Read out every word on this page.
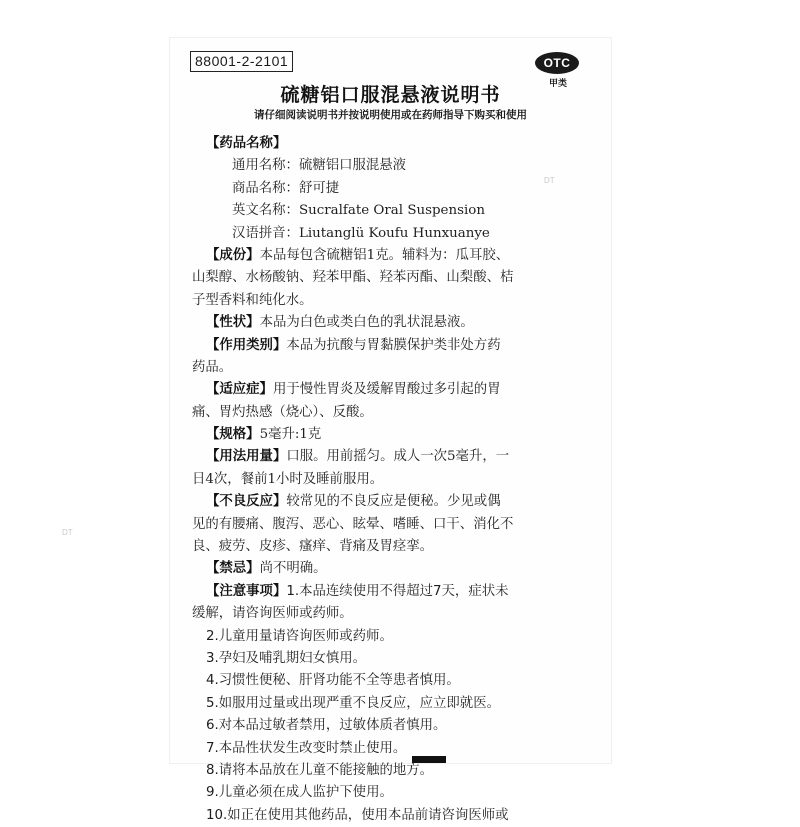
DT
88001-2-2101	OTC
甲类
硫糖铝口服混悬液说明书
请仔细阅读说明书并按说明使用或在药师指导下购买和使用
DT
【药品名称】
通用名称：硫糖铝口服混悬液
商品名称：舒可捷
英文名称：Sucralfate Oral Suspension
汉语拼音：Liutanglü Koufu Hunxuanye
【成份】本品每包含硫糖铝1克。辅料为：瓜耳胶、
山梨醇、水杨酸钠、羟苯甲酯、羟苯丙酯、山梨酸、桔
子型香料和纯化水。
【性状】本品为白色或类白色的乳状混悬液。
【作用类别】本品为抗酸与胃黏膜保护类非处方药
药品。
【适应症】用于慢性胃炎及缓解胃酸过多引起的胃
痛、胃灼热感（烧心）、反酸。
【规格】5毫升:1克
【用法用量】口服。用前摇匀。成人一次5毫升，一
日4次，餐前1小时及睡前服用。
【不良反应】较常见的不良反应是便秘。少见或偶
见的有腰痛、腹泻、恶心、眩晕、嗜睡、口干、消化不
良、疲劳、皮疹、瘙痒、背痛及胃痉挛。
【禁忌】尚不明确。
【注意事项】1.本品连续使用不得超过7天，症状未
缓解，请咨询医师或药师。
2.儿童用量请咨询医师或药师。
3.孕妇及哺乳期妇女慎用。
4.习惯性便秘、肝肾功能不全等患者慎用。
5.如服用过量或出现严重不良反应，应立即就医。
6.对本品过敏者禁用，过敏体质者慎用。
7.本品性状发生改变时禁止使用。
8.请将本品放在儿童不能接触的地方。
9.儿童必须在成人监护下使用。
10.如正在使用其他药品，使用本品前请咨询医师或
